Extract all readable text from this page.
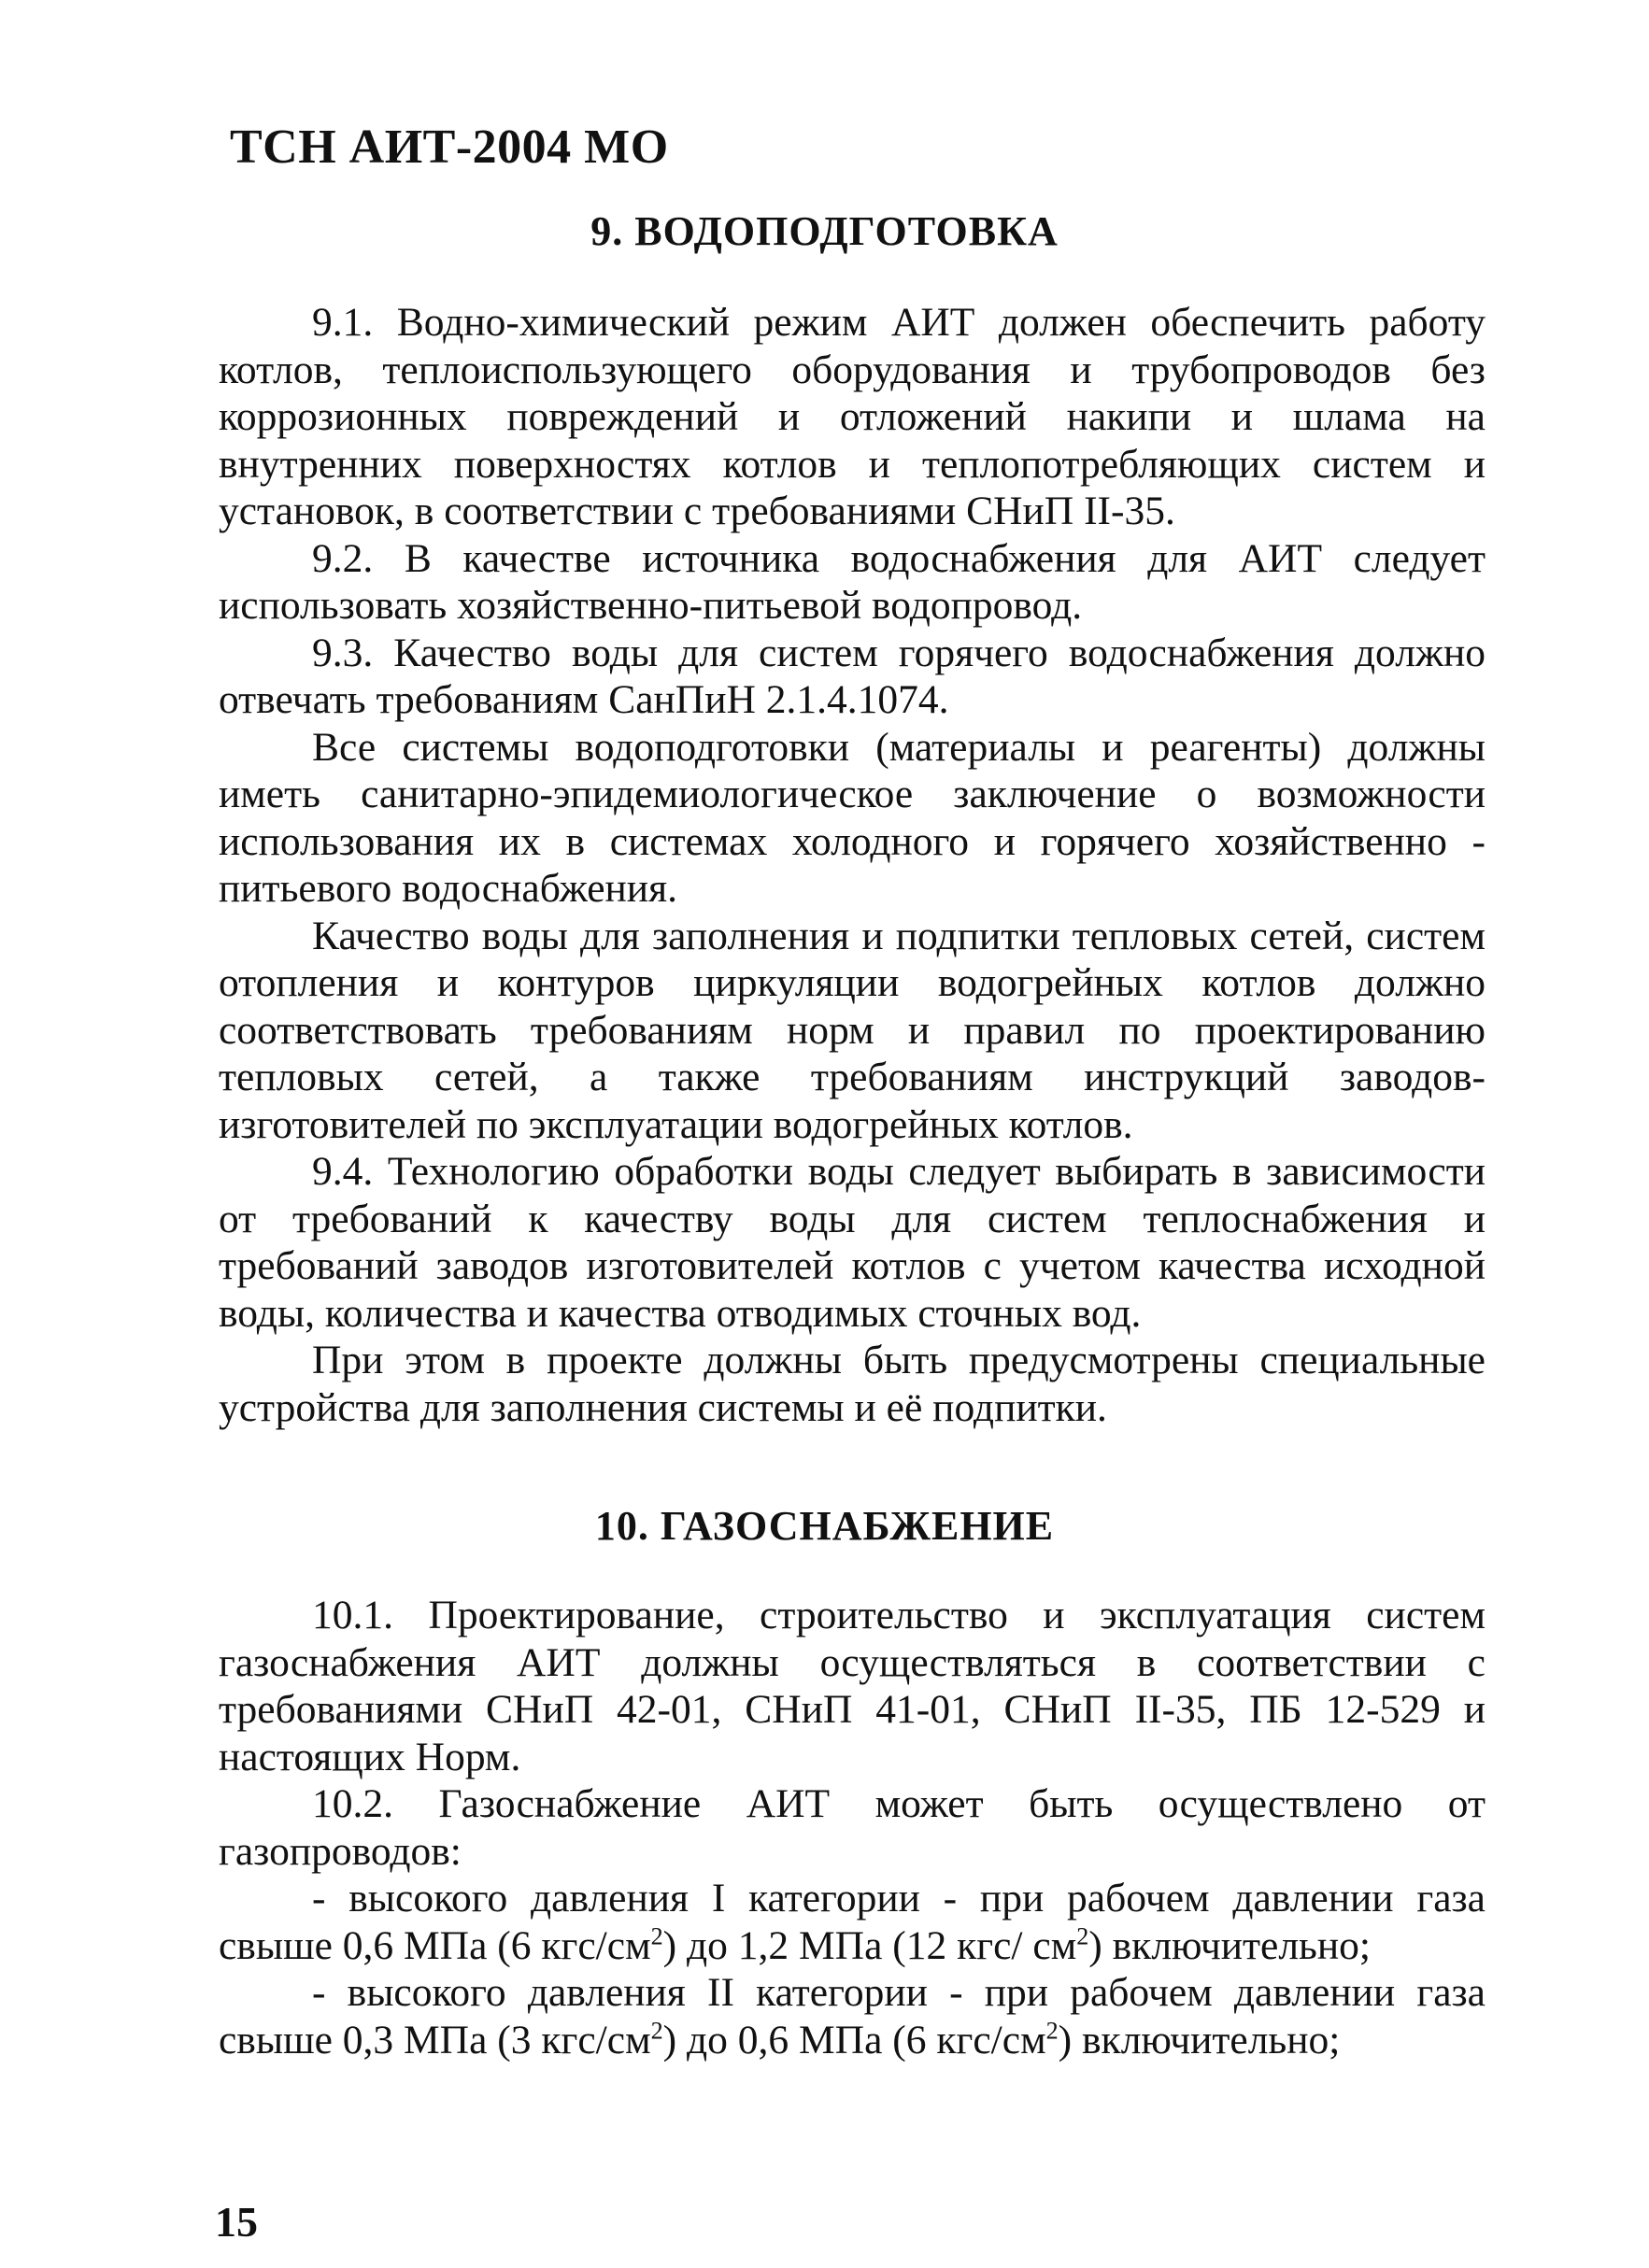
ТСН АИТ-2004 МО
9. ВОДОПОДГОТОВКА

9.1. Водно-химический режим АИТ должен обеспечить работу котлов, теплоиспользующего оборудования и трубопроводов без коррозионных повреждений и отложений накипи и шлама на внутренних поверхностях котлов и теплопотребляющих систем и установок, в соответствии с требованиями СНиП II-35.

9.2. В качестве источника водоснабжения для АИТ следует использовать хозяйственно-питьевой водопровод.

9.3. Качество воды для систем горячего водоснабжения должно отвечать требованиям СанПиН 2.1.4.1074.

Все системы водоподготовки (материалы и реагенты) должны иметь санитарно-эпидемиологическое заключение о возможности использования их в системах холодного и горячего хозяйственно - питьевого водоснабжения.

Качество воды для заполнения и подпитки тепловых сетей, систем отопления и контуров циркуляции водогрейных котлов должно соответствовать требованиям норм и правил по проектированию тепловых сетей, а также требованиям инструкций заводов-изготовителей по эксплуатации водогрейных котлов.

9.4. Технологию обработки воды следует выбирать в зависимости от требований к качеству воды для систем теплоснабжения и требований заводов изготовителей котлов с учетом качества исходной воды, количества и качества отводимых сточных вод.

При этом в проекте должны быть предусмотрены специальные устройства для заполнения системы и её подпитки.

10. ГАЗОСНАБЖЕНИЕ

10.1. Проектирование, строительство и эксплуатация систем газоснабжения АИТ должны осуществляться в соответствии с требованиями СНиП 42-01, СНиП 41-01, СНиП II-35, ПБ 12-529 и настоящих Норм.

10.2. Газоснабжение АИТ может быть осуществлено от газопроводов:

- высокого давления I категории - при рабочем давлении газа свыше 0,6 МПа (6 кгс/$см^2$) до 1,2 МПа (12 кгс/ $см^2$) включительно;

- высокого давления II категории - при рабочем давлении газа свыше 0,3 МПа (3 кгс/$см^2$) до 0,6 МПа (6 кгс/$см^2$) включительно;

15
